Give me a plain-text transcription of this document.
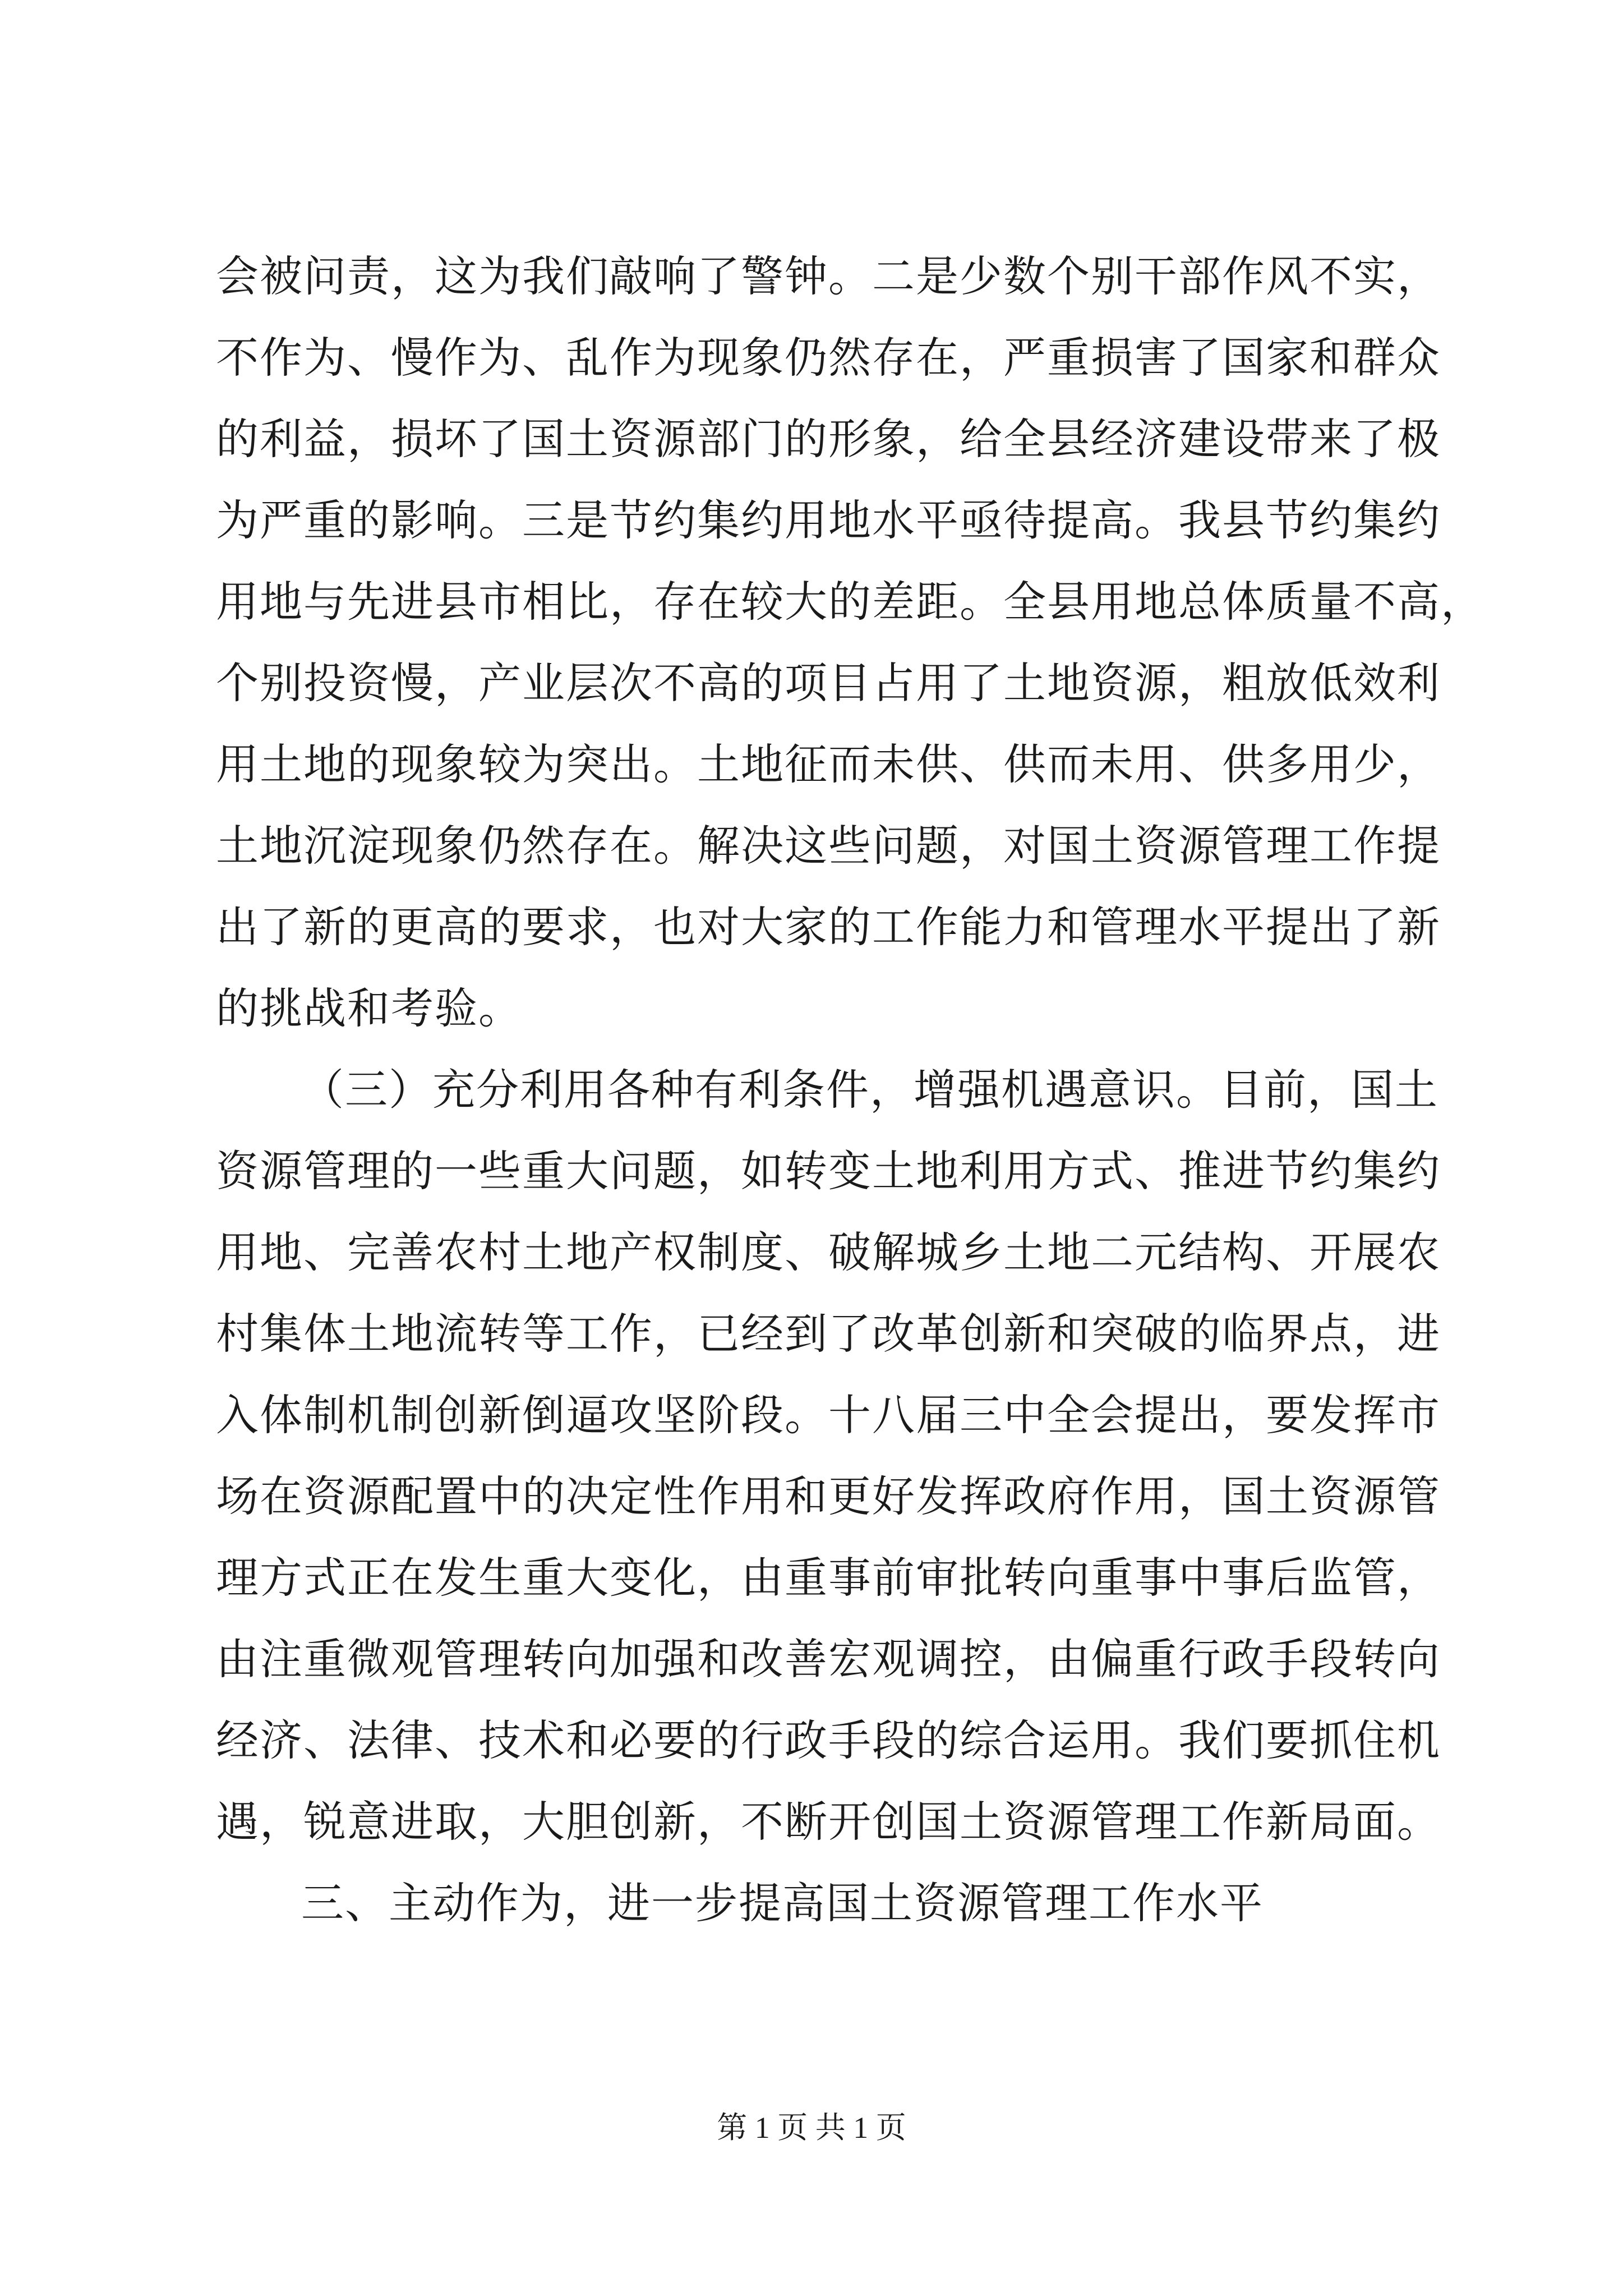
会被问责，这为我们敲响了警钟。二是少数个别干部作风不实，
不作为、慢作为、乱作为现象仍然存在，严重损害了国家和群众
的利益，损坏了国土资源部门的形象，给全县经济建设带来了极
为严重的影响。三是节约集约用地水平亟待提高。我县节约集约
用地与先进县市相比，存在较大的差距。全县用地总体质量不高，
个别投资慢，产业层次不高的项目占用了土地资源，粗放低效利
用土地的现象较为突出。土地征而未供、供而未用、供多用少，
土地沉淀现象仍然存在。解决这些问题，对国土资源管理工作提
出了新的更高的要求，也对大家的工作能力和管理水平提出了新
的挑战和考验。
（三）充分利用各种有利条件，增强机遇意识。目前，国土
资源管理的一些重大问题，如转变土地利用方式、推进节约集约
用地、完善农村土地产权制度、破解城乡土地二元结构、开展农
村集体土地流转等工作，已经到了改革创新和突破的临界点，进
入体制机制创新倒逼攻坚阶段。十八届三中全会提出，要发挥市
场在资源配置中的决定性作用和更好发挥政府作用，国土资源管
理方式正在发生重大变化，由重事前审批转向重事中事后监管，
由注重微观管理转向加强和改善宏观调控，由偏重行政手段转向
经济、法律、技术和必要的行政手段的综合运用。我们要抓住机
遇，锐意进取，大胆创新，不断开创国土资源管理工作新局面。
三、主动作为，进一步提高国土资源管理工作水平
第 1 页 共 1 页
